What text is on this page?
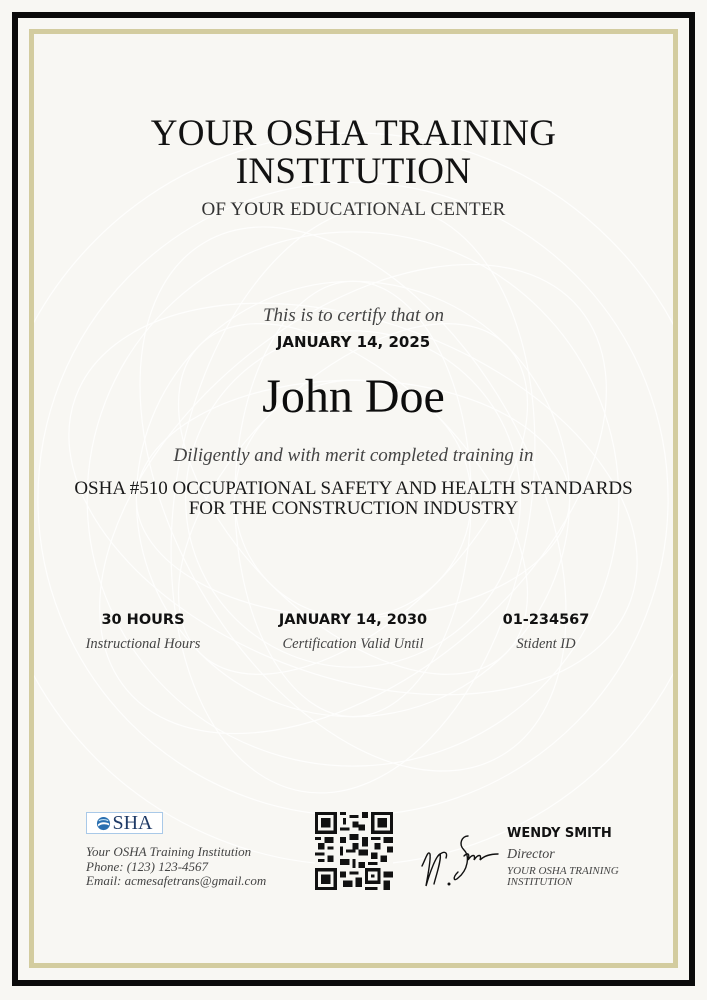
YOUR OSHA TRAINING
INSTITUTION
OF YOUR EDUCATIONAL CENTER
This is to certify that on
JANUARY 14, 2025
John Doe
Diligently and with merit completed training in
OSHA #510 OCCUPATIONAL SAFETY AND HEALTH STANDARDS
FOR THE CONSTRUCTION INDUSTRY
30 HOURS
Instructional Hours
JANUARY 14, 2030
Certification Valid Until
01-234567
Stident ID
SHA
Your OSHA Training Institution
Phone: (123) 123-4567
Email: acmesafetrans@gmail.com
WENDY SMITH
Director
YOUR OSHA TRAINING
INSTITUTION
